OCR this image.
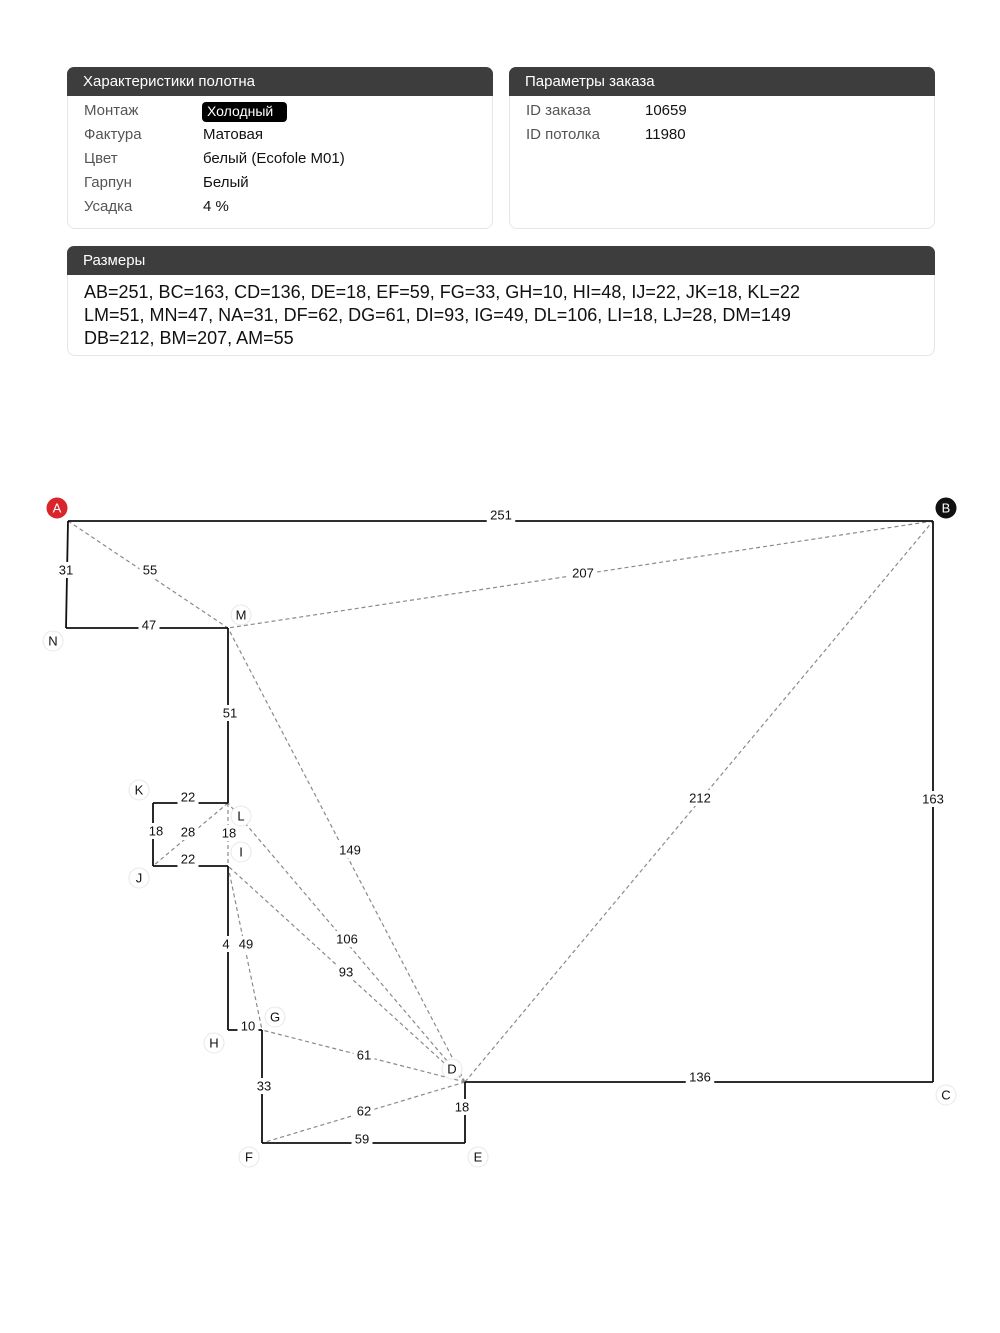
Характеристики полотна
Монтаж	Холодный
Фактура	Матовая
Цвет	белый (Ecofole M01)
Гарпун	Белый
Усадка	4 %
Параметры заказа
ID заказа	10659
ID потолка	11980
Размеры
AB=251, BC=163, CD=136, DE=18, EF=59, FG=33, GH=10, HI=48, IJ=22, JK=18, KL=22
LM=51, MN=47, NA=31, DF=62, DG=61, DI=93, IG=49, DL=106, LI=18, LJ=28, DM=149
DB=212, BM=207, AM=55
62
61
93
49	106
18
28
149
212
207
55
251
163
136
18
59
33
10
4
22
18
22
51
47
31
A	B
C
D
E
F
G
H
I
J
K
L
M
N
